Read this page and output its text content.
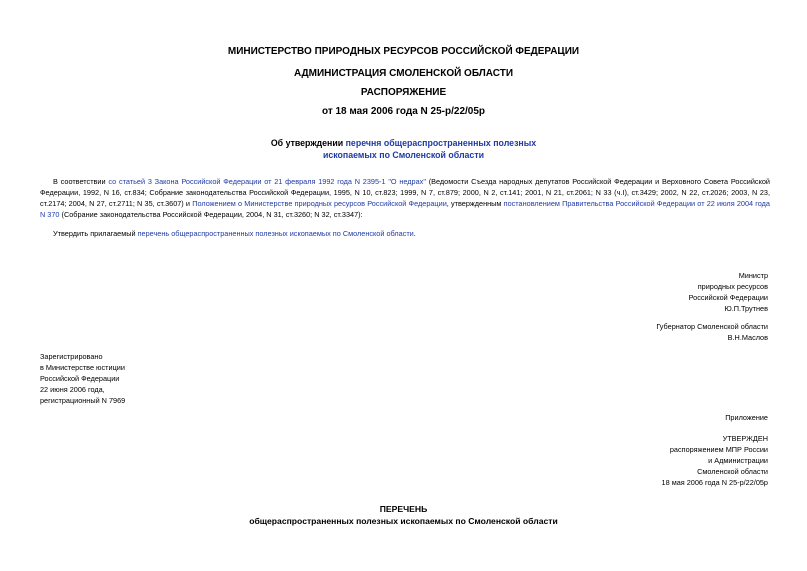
МИНИСТЕРСТВО ПРИРОДНЫХ РЕСУРСОВ РОССИЙСКОЙ ФЕДЕРАЦИИ
АДМИНИСТРАЦИЯ СМОЛЕНСКОЙ ОБЛАСТИ
РАСПОРЯЖЕНИЕ
от 18 мая 2006 года N 25-р/22/05р
Об утверждении перечня общераспространенных полезных
ископаемых по Смоленской области
В соответствии со статьей 3 Закона Российской Федерации от 21 февраля 1992 года N 2395-1 "О недрах" (Ведомости Съезда народных депутатов Российской Федерации и Верховного Совета Российской Федерации, 1992, N 16, ст.834; Собрание законодательства Российской Федерации, 1995, N 10, ст.823; 1999, N 7, ст.879; 2000, N 2, ст.141; 2001, N 21, ст.2061; N 33 (ч.I), ст.3429; 2002, N 22, ст.2026; 2003, N 23, ст.2174; 2004, N 27, ст.2711; N 35, ст.3607) и Положением о Министерстве природных ресурсов Российской Федерации, утвержденным постановлением Правительства Российской Федерации от 22 июля 2004 года N 370 (Собрание законодательства Российской Федерации, 2004, N 31, ст.3260; N 32, ст.3347):
Утвердить прилагаемый перечень общераспространенных полезных ископаемых по Смоленской области.
Министр
природных ресурсов
Российской Федерации
Ю.П.Трутнев
Губернатор Смоленской области
В.Н.Маслов
Зарегистрировано
в Министерстве юстиции
Российской Федерации
22 июня 2006 года,
регистрационный N 7969
Приложение
УТВЕРЖДЕН
распоряжением МПР России
и Администрации
Смоленской области
18 мая 2006 года N 25-р/22/05р
ПЕРЕЧЕНЬ
общераспространенных полезных ископаемых по Смоленской области
